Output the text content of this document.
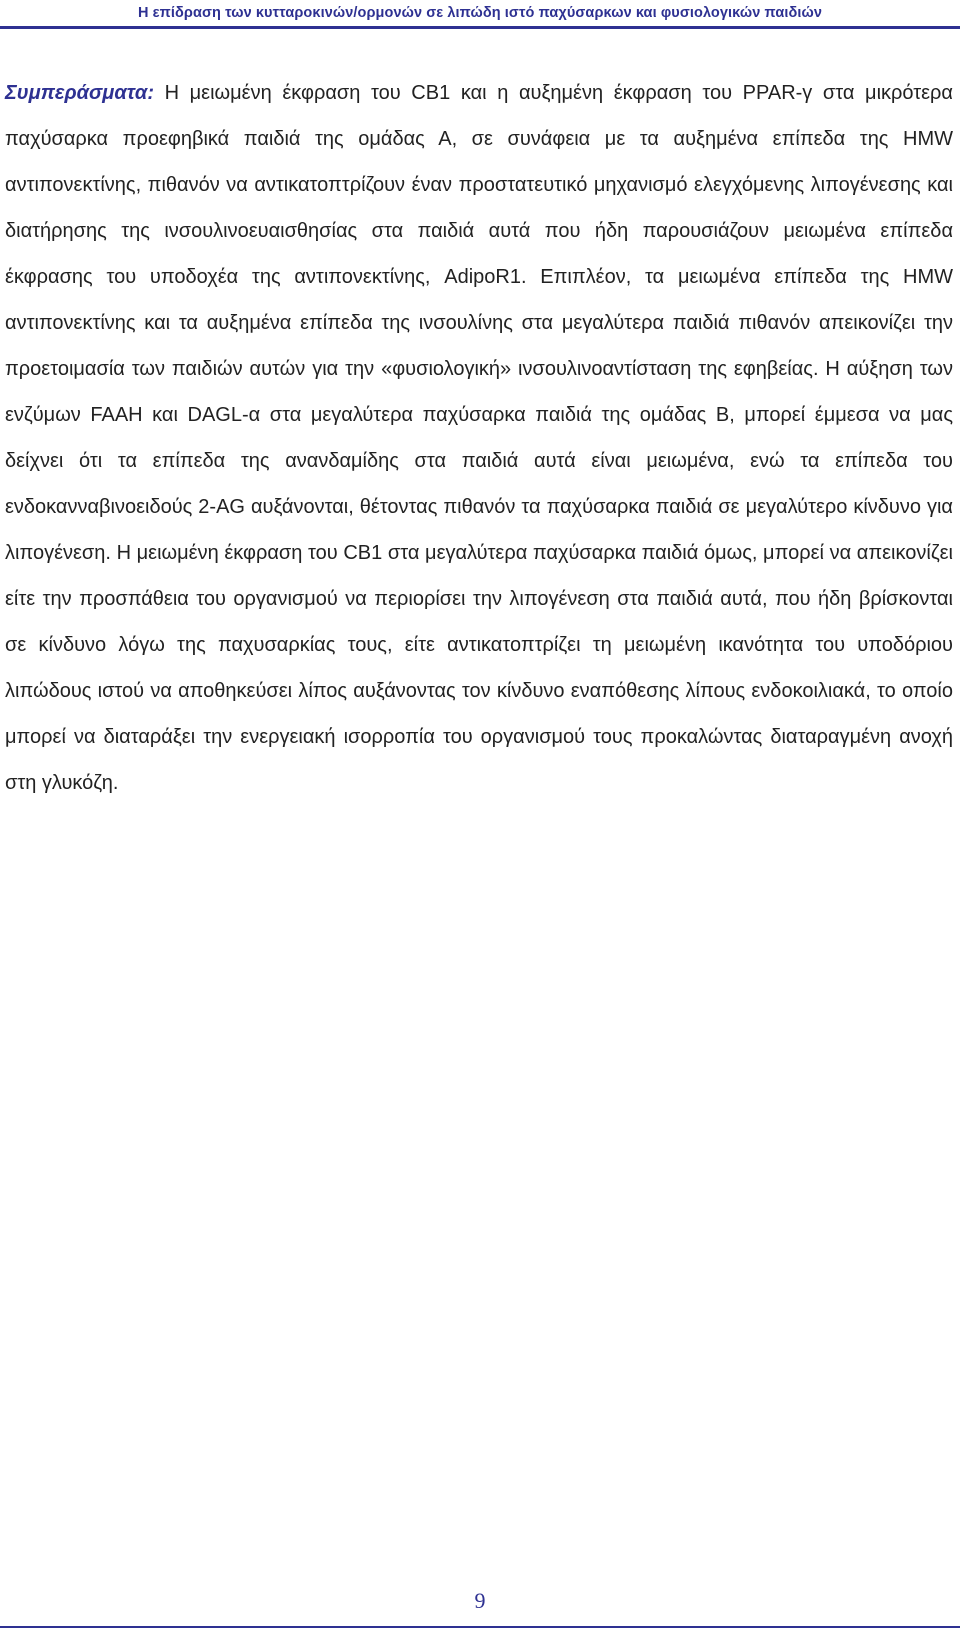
Η επίδραση των κυτταροκινών/ορμονών σε λιπώδη ιστό παχύσαρκων και φυσιολογικών παιδιών
Συμπεράσματα: Η μειωμένη έκφραση του CB1 και η αυξημένη έκφραση του PPAR-γ στα μικρότερα παχύσαρκα προεφηβικά παιδιά της ομάδας Α, σε συνάφεια με τα αυξημένα επίπεδα της HMW αντιπονεκτίνης, πιθανόν να αντικατοπτρίζουν έναν προστατευτικό μηχανισμό ελεγχόμενης λιπογένεσης και διατήρησης της ινσουλινοευαισθησίας στα παιδιά αυτά που ήδη παρουσιάζουν μειωμένα επίπεδα έκφρασης του υποδοχέα της αντιπονεκτίνης, AdipoR1. Επιπλέον, τα μειωμένα επίπεδα της HMW αντιπονεκτίνης και τα αυξημένα επίπεδα της ινσουλίνης στα μεγαλύτερα παιδιά πιθανόν απεικονίζει την προετοιμασία των παιδιών αυτών για την «φυσιολογική» ινσουλινοαντίσταση της εφηβείας. Η αύξηση των ενζύμων FAAH και DAGL-α στα μεγαλύτερα παχύσαρκα παιδιά της ομάδας Β, μπορεί έμμεσα να μας δείχνει ότι τα επίπεδα της ανανδαμίδης στα παιδιά αυτά είναι μειωμένα, ενώ τα επίπεδα του ενδοκανναβινοειδούς 2-AG αυξάνονται, θέτοντας πιθανόν τα παχύσαρκα παιδιά σε μεγαλύτερο κίνδυνο για λιπογένεση. Η μειωμένη έκφραση του CB1 στα μεγαλύτερα παχύσαρκα παιδιά όμως, μπορεί να απεικονίζει είτε την προσπάθεια του οργανισμού να περιορίσει την λιπογένεση στα παιδιά αυτά, που ήδη βρίσκονται σε κίνδυνο λόγω της παχυσαρκίας τους, είτε αντικατοπτρίζει τη μειωμένη ικανότητα του υποδόριου λιπώδους ιστού να αποθηκεύσει λίπος αυξάνοντας τον κίνδυνο εναπόθεσης λίπους ενδοκοιλιακά, το οποίο μπορεί να διαταράξει την ενεργειακή ισορροπία του οργανισμού τους προκαλώντας διαταραγμένη ανοχή στη γλυκόζη.
9
